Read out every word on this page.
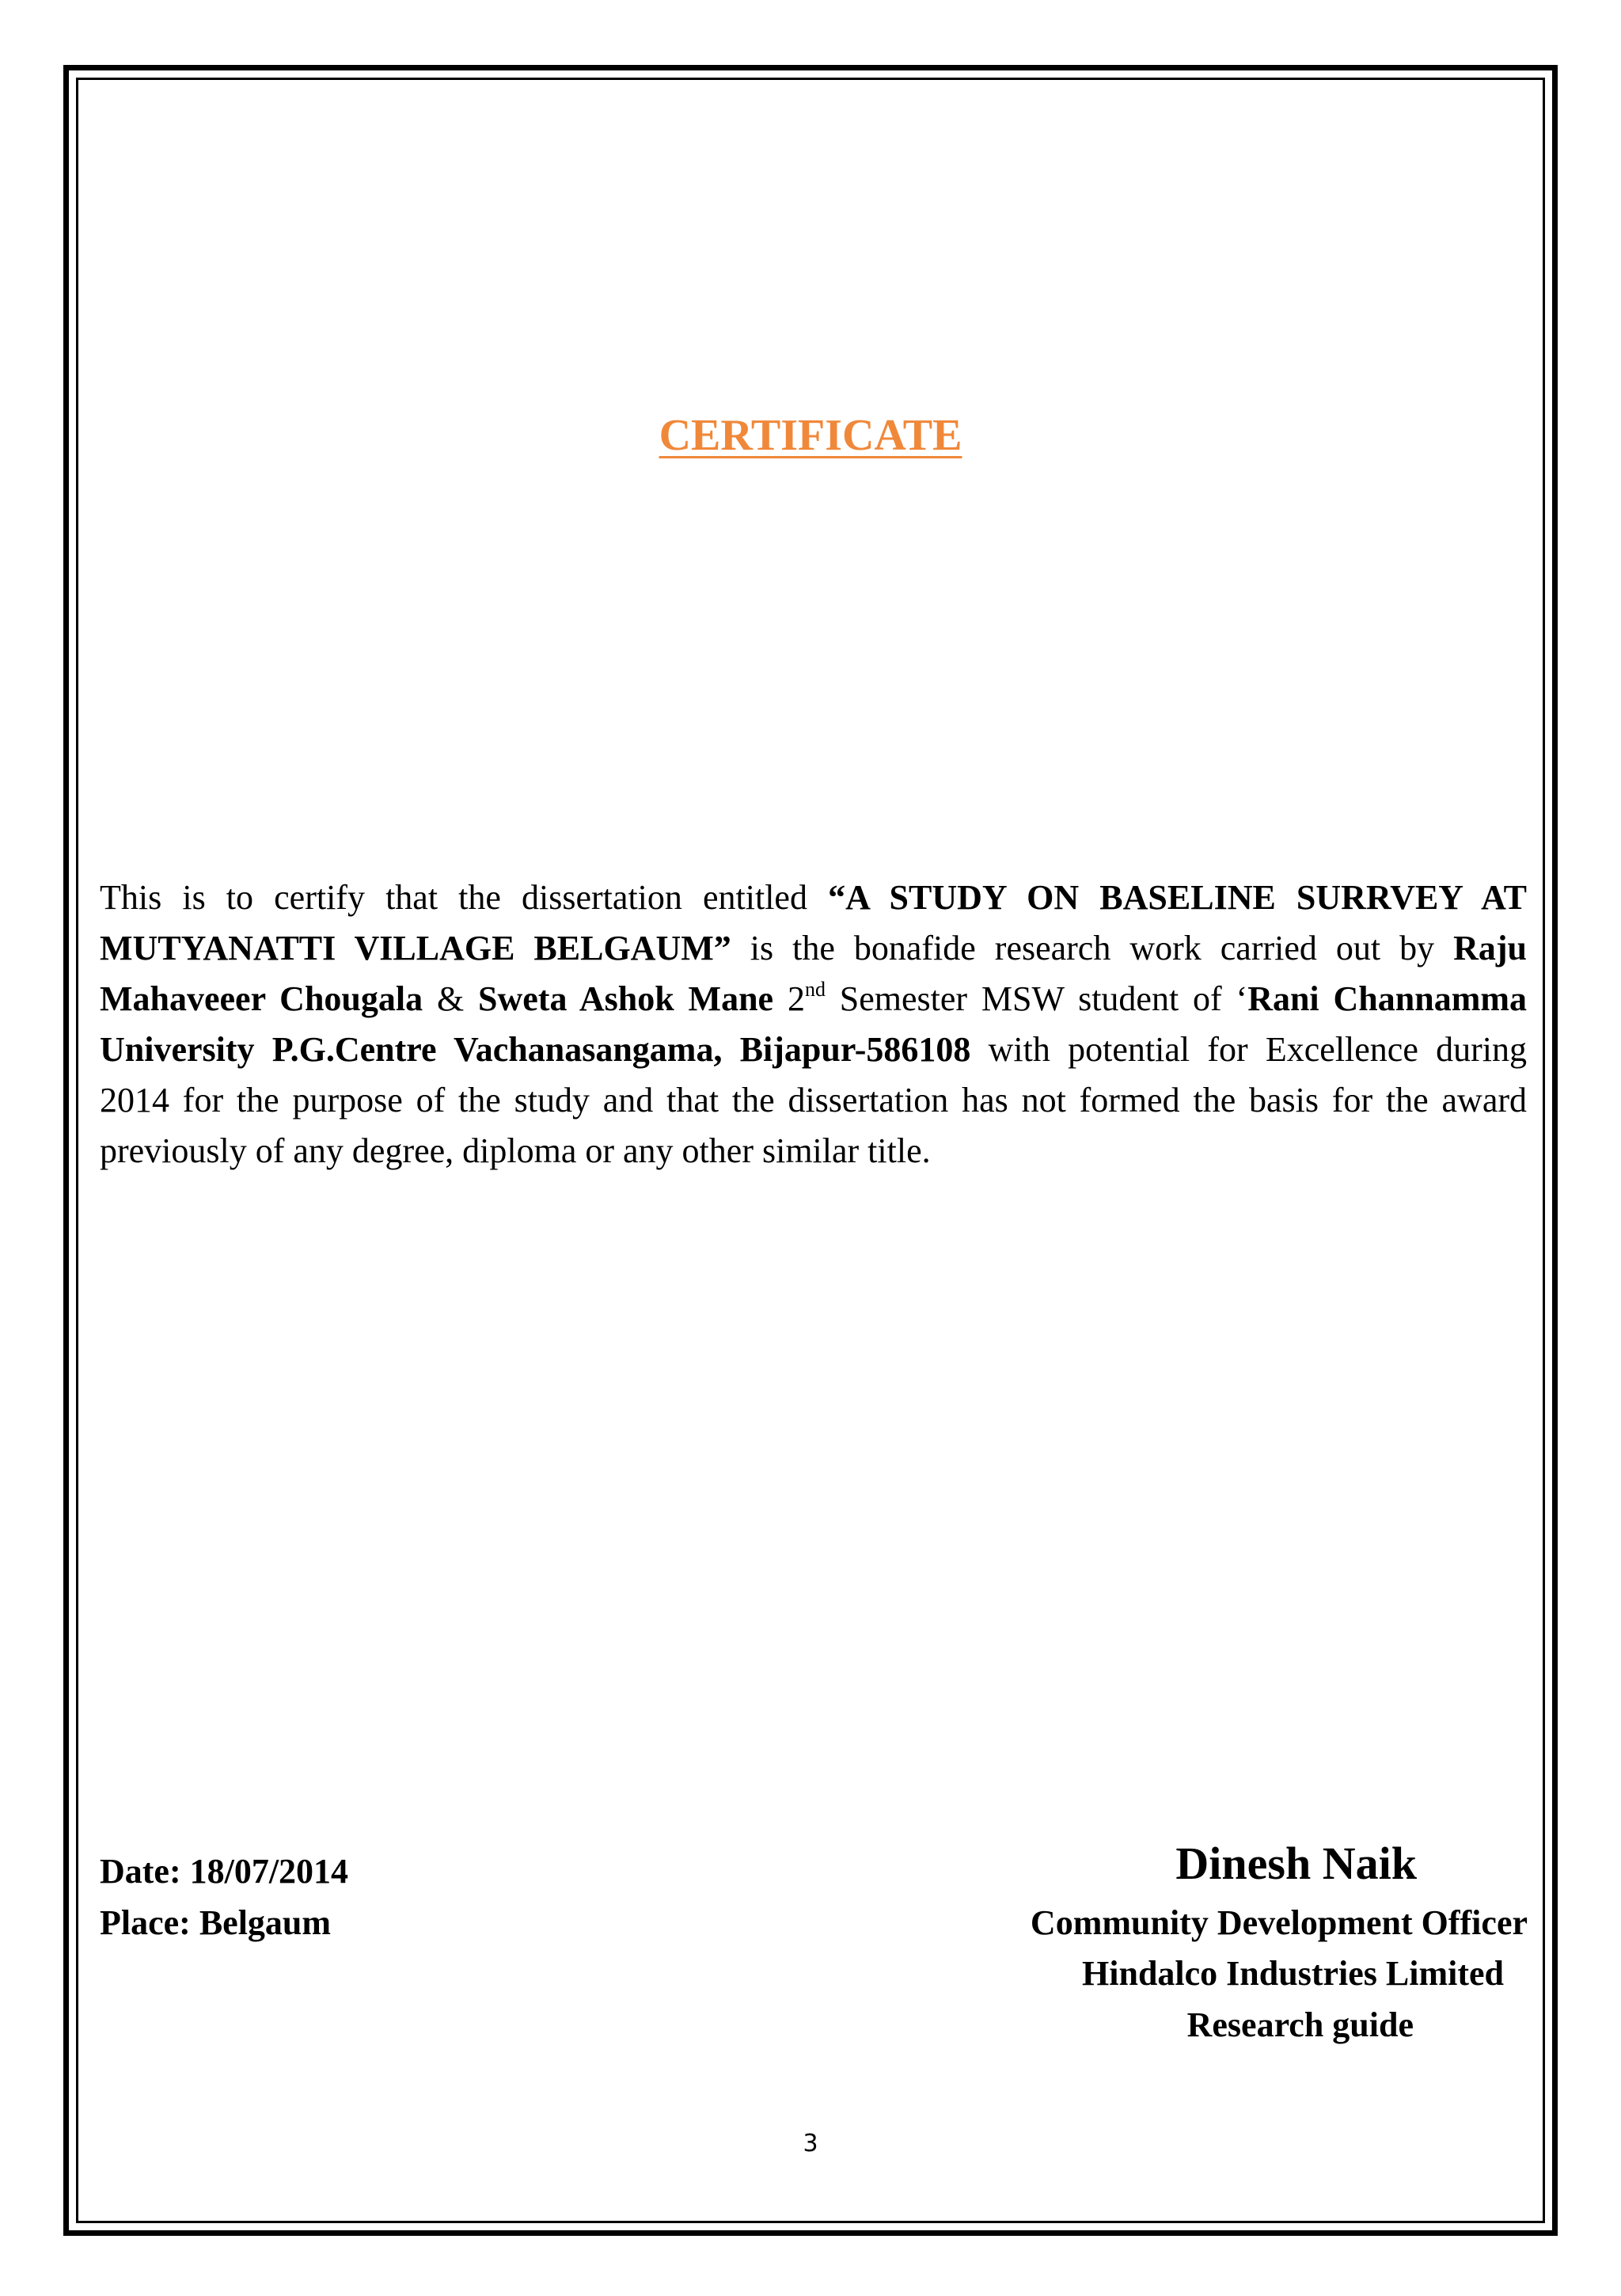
CERTIFICATE
This is to certify that the dissertation entitled “A STUDY ON BASELINE SURRVEY AT MUTYANATTI VILLAGE BELGAUM” is the bonafide research work carried out by Raju Mahaveeer Chougala & Sweta Ashok Mane 2nd Semester MSW student of ‘Rani Channamma University P.G.Centre Vachanasangama, Bijapur-586108 with potential for Excellence during 2014 for the purpose of the study and that the dissertation has not formed the basis for the award previously of any degree, diploma or any other similar title.
Date: 18/07/2014
Place: Belgaum
Dinesh Naik
Community Development Officer
Hindalco Industries Limited
Research guide
3
